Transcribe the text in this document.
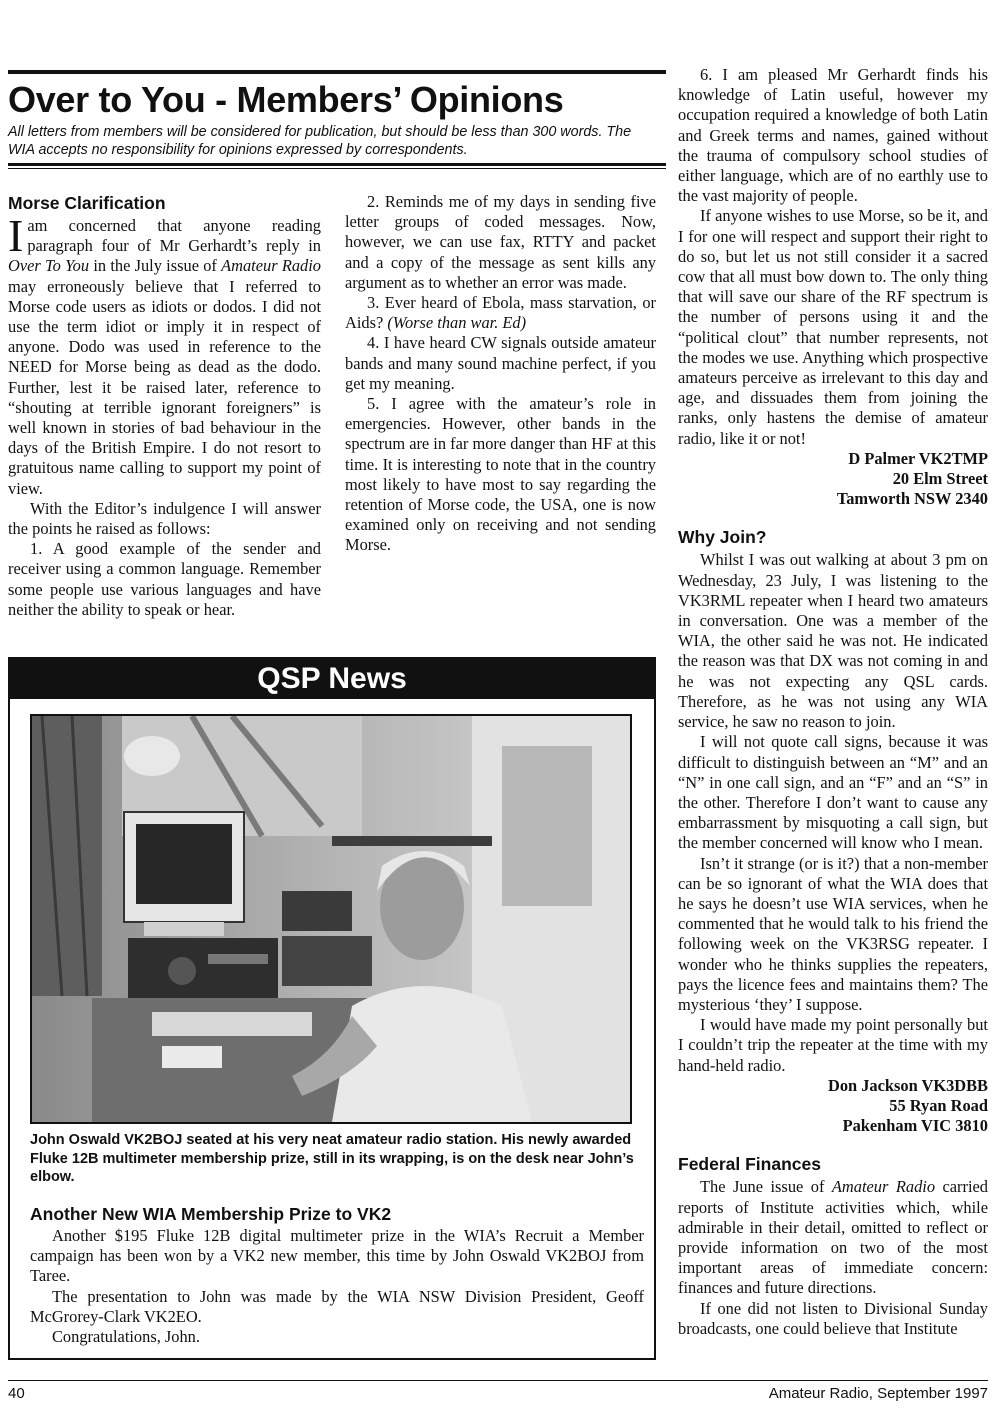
Over to You - Members’ Opinions
All letters from members will be considered for publication, but should be less than 300 words. The WIA accepts no responsibility for opinions expressed by correspondents.
Morse Clarification

Iam concerned that anyone reading paragraph four of Mr Gerhardt’s reply in Over To You in the July issue of Amateur Radio may erroneously believe that I referred to Morse code users as idiots or dodos. I did not use the term idiot or imply it in respect of anyone. Dodo was used in reference to the NEED for Morse being as dead as the dodo. Further, lest it be raised later, reference to “shouting at terrible ignorant foreigners” is well known in stories of bad behaviour in the days of the British Empire. I do not resort to gratuitous name calling to support my point of view.

With the Editor’s indulgence I will answer the points he raised as follows:

1. A good example of the sender and receiver using a common language. Remember some people use various languages and have neither the ability to speak or hear.

2. Reminds me of my days in sending five letter groups of coded messages. Now, however, we can use fax, RTTY and packet and a copy of the message as sent kills any argument as to whether an error was made.

3. Ever heard of Ebola, mass starvation, or Aids? (Worse than war. Ed)

4. I have heard CW signals outside amateur bands and many sound machine perfect, if you get my meaning.

5. I agree with the amateur’s role in emergencies. However, other bands in the spectrum are in far more danger than HF at this time. It is interesting to note that in the country most likely to have most to say regarding the retention of Morse code, the USA, one is now examined only on receiving and not sending Morse.

6. I am pleased Mr Gerhardt finds his knowledge of Latin useful, however my occupation required a knowledge of both Latin and Greek terms and names, gained without the trauma of compulsory school studies of either language, which are of no earthly use to the vast majority of people.

If anyone wishes to use Morse, so be it, and I for one will respect and support their right to do so, but let us not still consider it a sacred cow that all must bow down to. The only thing that will save our share of the RF spectrum is the number of persons using it and the “political clout” that number represents, not the modes we use. Anything which prospective amateurs perceive as irrelevant to this day and age, and dissuades them from joining the ranks, only hastens the demise of amateur radio, like it or not!

D Palmer VK2TMP
20 Elm Street
Tamworth NSW 2340
Why Join?

Whilst I was out walking at about 3 pm on Wednesday, 23 July, I was listening to the VK3RML repeater when I heard two amateurs in conversation. One was a member of the WIA, the other said he was not. He indicated the reason was that DX was not coming in and he was not expecting any QSL cards. Therefore, as he was not using any WIA service, he saw no reason to join.

I will not quote call signs, because it was difficult to distinguish between an “M” and an “N” in one call sign, and an “F” and an “S” in the other. Therefore I don’t want to cause any embarrassment by misquoting a call sign, but the member concerned will know who I mean.

Isn’t it strange (or is it?) that a non-member can be so ignorant of what the WIA does that he says he doesn’t use WIA services, when he commented that he would talk to his friend the following week on the VK3RSG repeater. I wonder who he thinks supplies the repeaters, pays the licence fees and maintains them? The mysterious ‘they’ I suppose.

I would have made my point personally but I couldn’t trip the repeater at the time with my hand-held radio.

Don Jackson VK3DBB
55 Ryan Road
Pakenham VIC 3810
Federal Finances

The June issue of Amateur Radio carried reports of Institute activities which, while admirable in their detail, omitted to reflect or provide information on two of the most important areas of immediate concern: finances and future directions.

If one did not listen to Divisional Sunday broadcasts, one could believe that Institute

QSP News
John Oswald VK2BOJ seated at his very neat amateur radio station. His newly awarded Fluke 12B multimeter membership prize, still in its wrapping, is on the desk near John’s elbow.
Another New WIA Membership Prize to VK2

Another $195 Fluke 12B digital multimeter prize in the WIA’s Recruit a Member campaign has been won by a VK2 new member, this time by John Oswald VK2BOJ from Taree.

The presentation to John was made by the WIA NSW Division President, Geoff McGrorey-Clark VK2EO.

Congratulations, John.

40	Amateur Radio, September 1997
